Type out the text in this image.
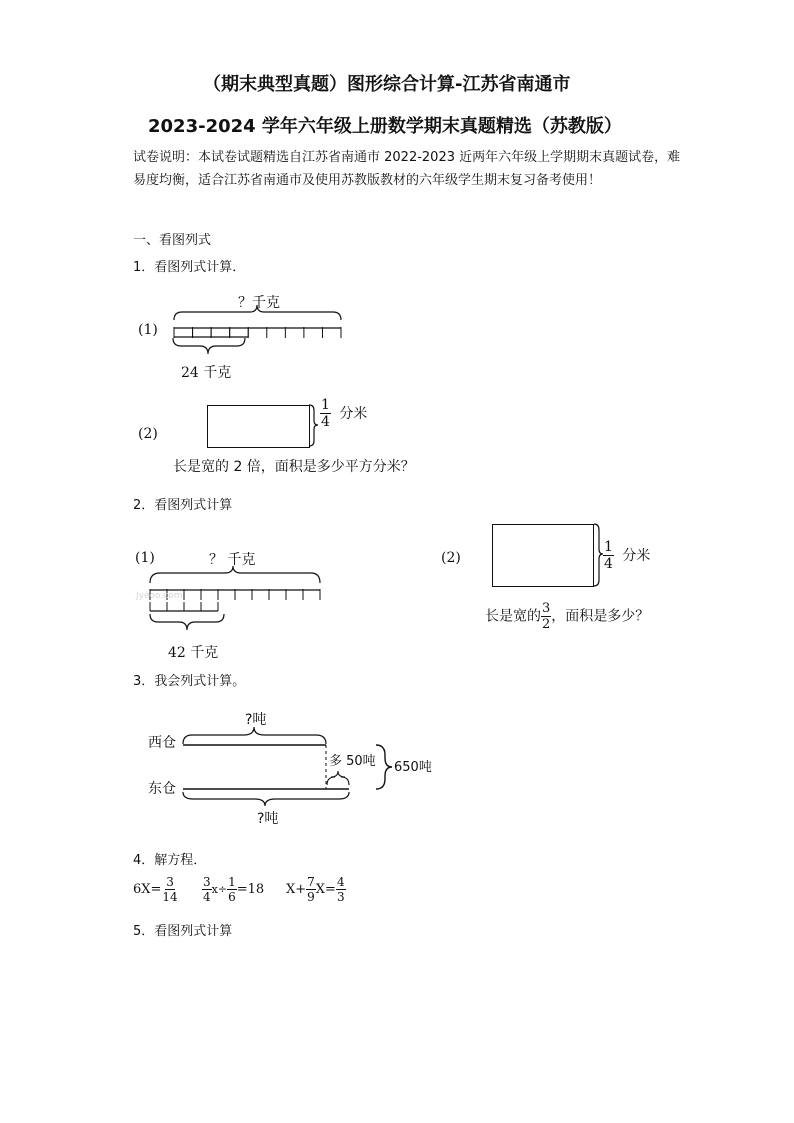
（期末典型真题）图形综合计算-江苏省南通市
2023-2024 学年六年级上册数学期末真题精选（苏教版）
试卷说明：本试卷试题精选自江苏省南通市 2022-2023 近两年六年级上学期期末真题试卷，难易度均衡，适合江苏省南通市及使用苏教版教材的六年级学生期末复习备考使用！
一、看图列式
1．看图列式计算．
(1)
？千克
24 千克
(2)
$\frac{1}{4}$ 分米
长是宽的 2 倍，面积是多少平方分米？
2．看图列式计算
(1)	？ 千克
Jyeoo.com
42 千克
(2)	$\frac{1}{4}$ 分米
长是宽的 $\frac{3}{2}$ ，面积是多少？
3．我会列式计算。
?吨
西仓
东仓
多 50吨 650吨
?吨
4．解方程．
$6X= \frac{3}{14} \frac{3}{4} x\div \frac{1}{6} =18$ $X+ \frac{7}{9} X= \frac{4}{3}$
5．看图列式计算
